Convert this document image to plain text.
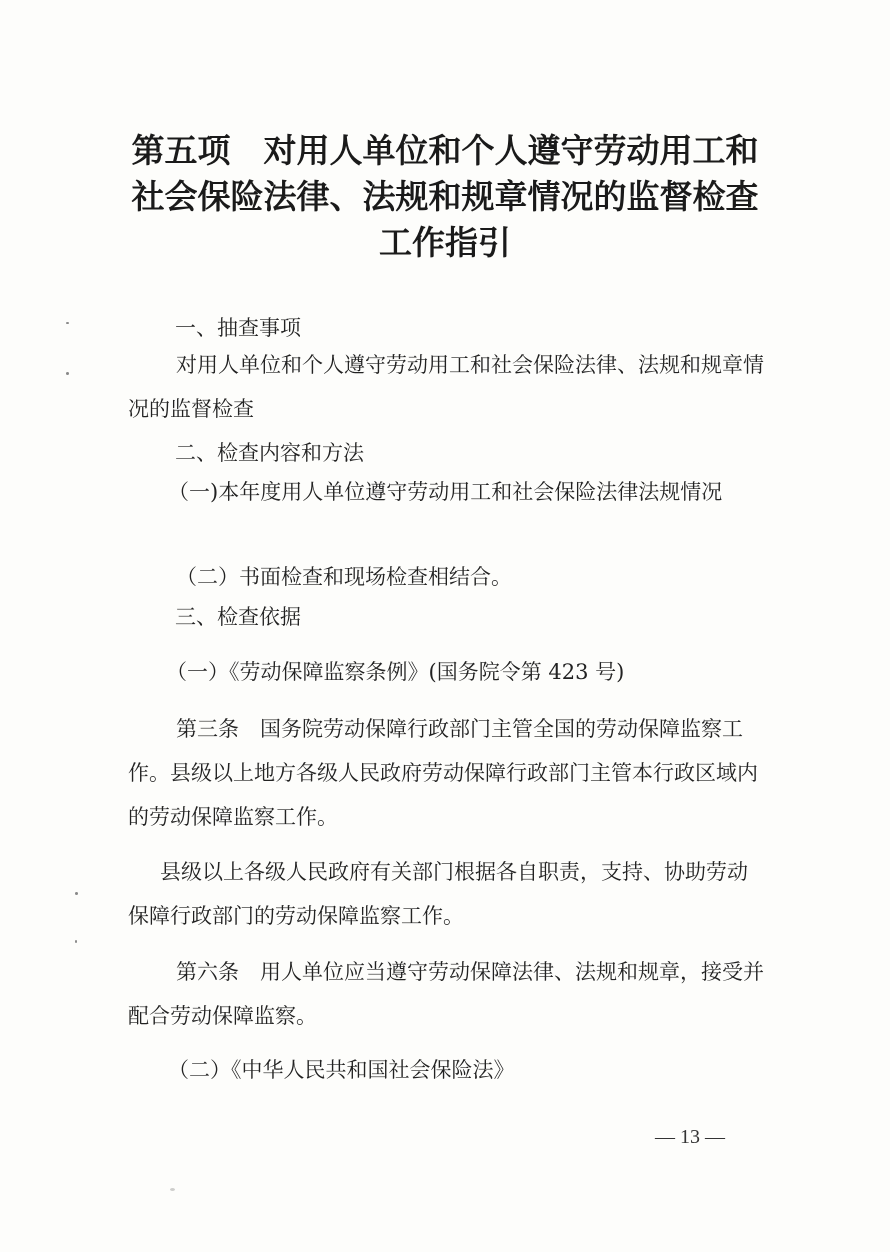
第五项　对用人单位和个人遵守劳动用工和
社会保险法律、法规和规章情况的监督检查
工作指引
一、抽查事项
对用人单位和个人遵守劳动用工和社会保险法律、法规和规章情况的监督检查
二、检查内容和方法
（一)本年度用人单位遵守劳动用工和社会保险法律法规情况
（二）书面检查和现场检查相结合。
三、检查依据
（一）《劳动保障监察条例》(国务院令第 423 号)
第三条　国务院劳动保障行政部门主管全国的劳动保障监察工作。县级以上地方各级人民政府劳动保障行政部门主管本行政区域内的劳动保障监察工作。
县级以上各级人民政府有关部门根据各自职责，支持、协助劳动保障行政部门的劳动保障监察工作。
第六条　用人单位应当遵守劳动保障法律、法规和规章，接受并配合劳动保障监察。
（二）《中华人民共和国社会保险法》
— 13 —
